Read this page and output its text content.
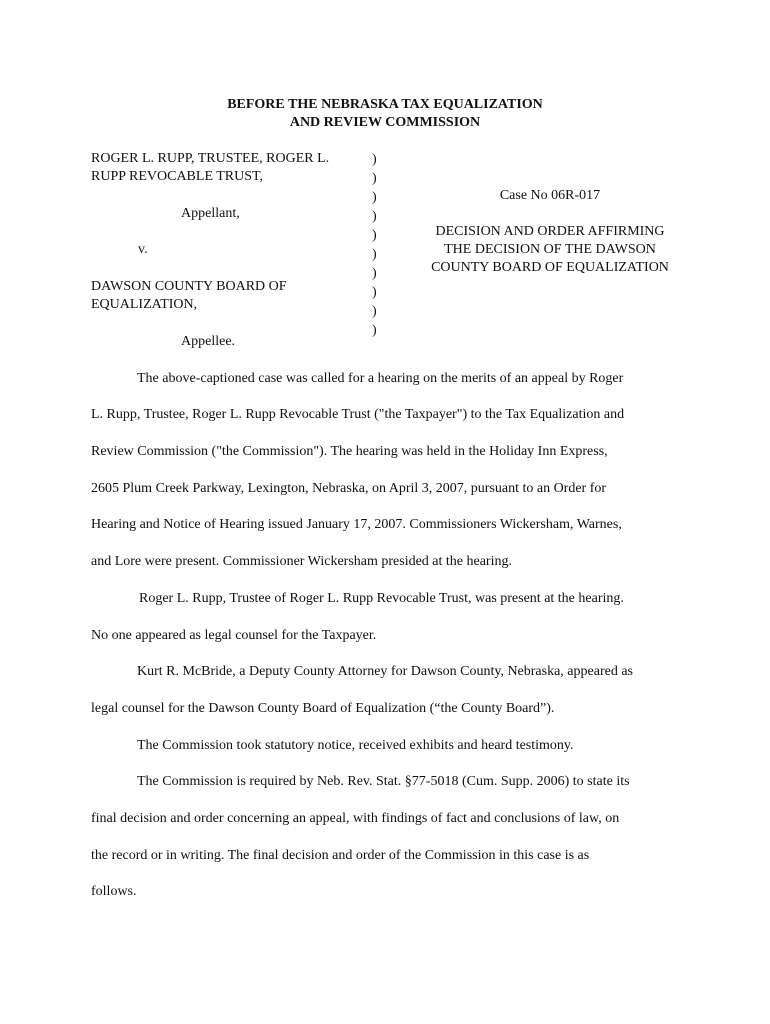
BEFORE THE NEBRASKA TAX EQUALIZATION
AND REVIEW COMMISSION
ROGER L. RUPP, TRUSTEE, ROGER L.
RUPP REVOCABLE TRUST,
Appellant,
v.
DAWSON COUNTY BOARD OF
EQUALIZATION,
Appellee.
)
)
)
)
)
)
)
)
)
)
Case No 06R-017
DECISION AND ORDER AFFIRMING
THE DECISION OF THE DAWSON
COUNTY BOARD OF EQUALIZATION
The above-captioned case was called for a hearing on the merits of an appeal by Roger
L. Rupp, Trustee, Roger L. Rupp Revocable Trust ("the Taxpayer") to the Tax Equalization and
Review Commission ("the Commission"). The hearing was held in the Holiday Inn Express,
2605 Plum Creek Parkway, Lexington, Nebraska, on April 3, 2007, pursuant to an Order for
Hearing and Notice of Hearing issued January 17, 2007. Commissioners Wickersham, Warnes,
and Lore were present. Commissioner Wickersham presided at the hearing.
Roger L. Rupp, Trustee of Roger L. Rupp Revocable Trust, was present at the hearing.
No one appeared as legal counsel for the Taxpayer.
Kurt R. McBride, a Deputy County Attorney for Dawson County, Nebraska, appeared as
legal counsel for the Dawson County Board of Equalization (“the County Board”).
The Commission took statutory notice, received exhibits and heard testimony.
The Commission is required by Neb. Rev. Stat. §77-5018 (Cum. Supp. 2006) to state its
final decision and order concerning an appeal, with findings of fact and conclusions of law, on
the record or in writing. The final decision and order of the Commission in this case is as
follows.
